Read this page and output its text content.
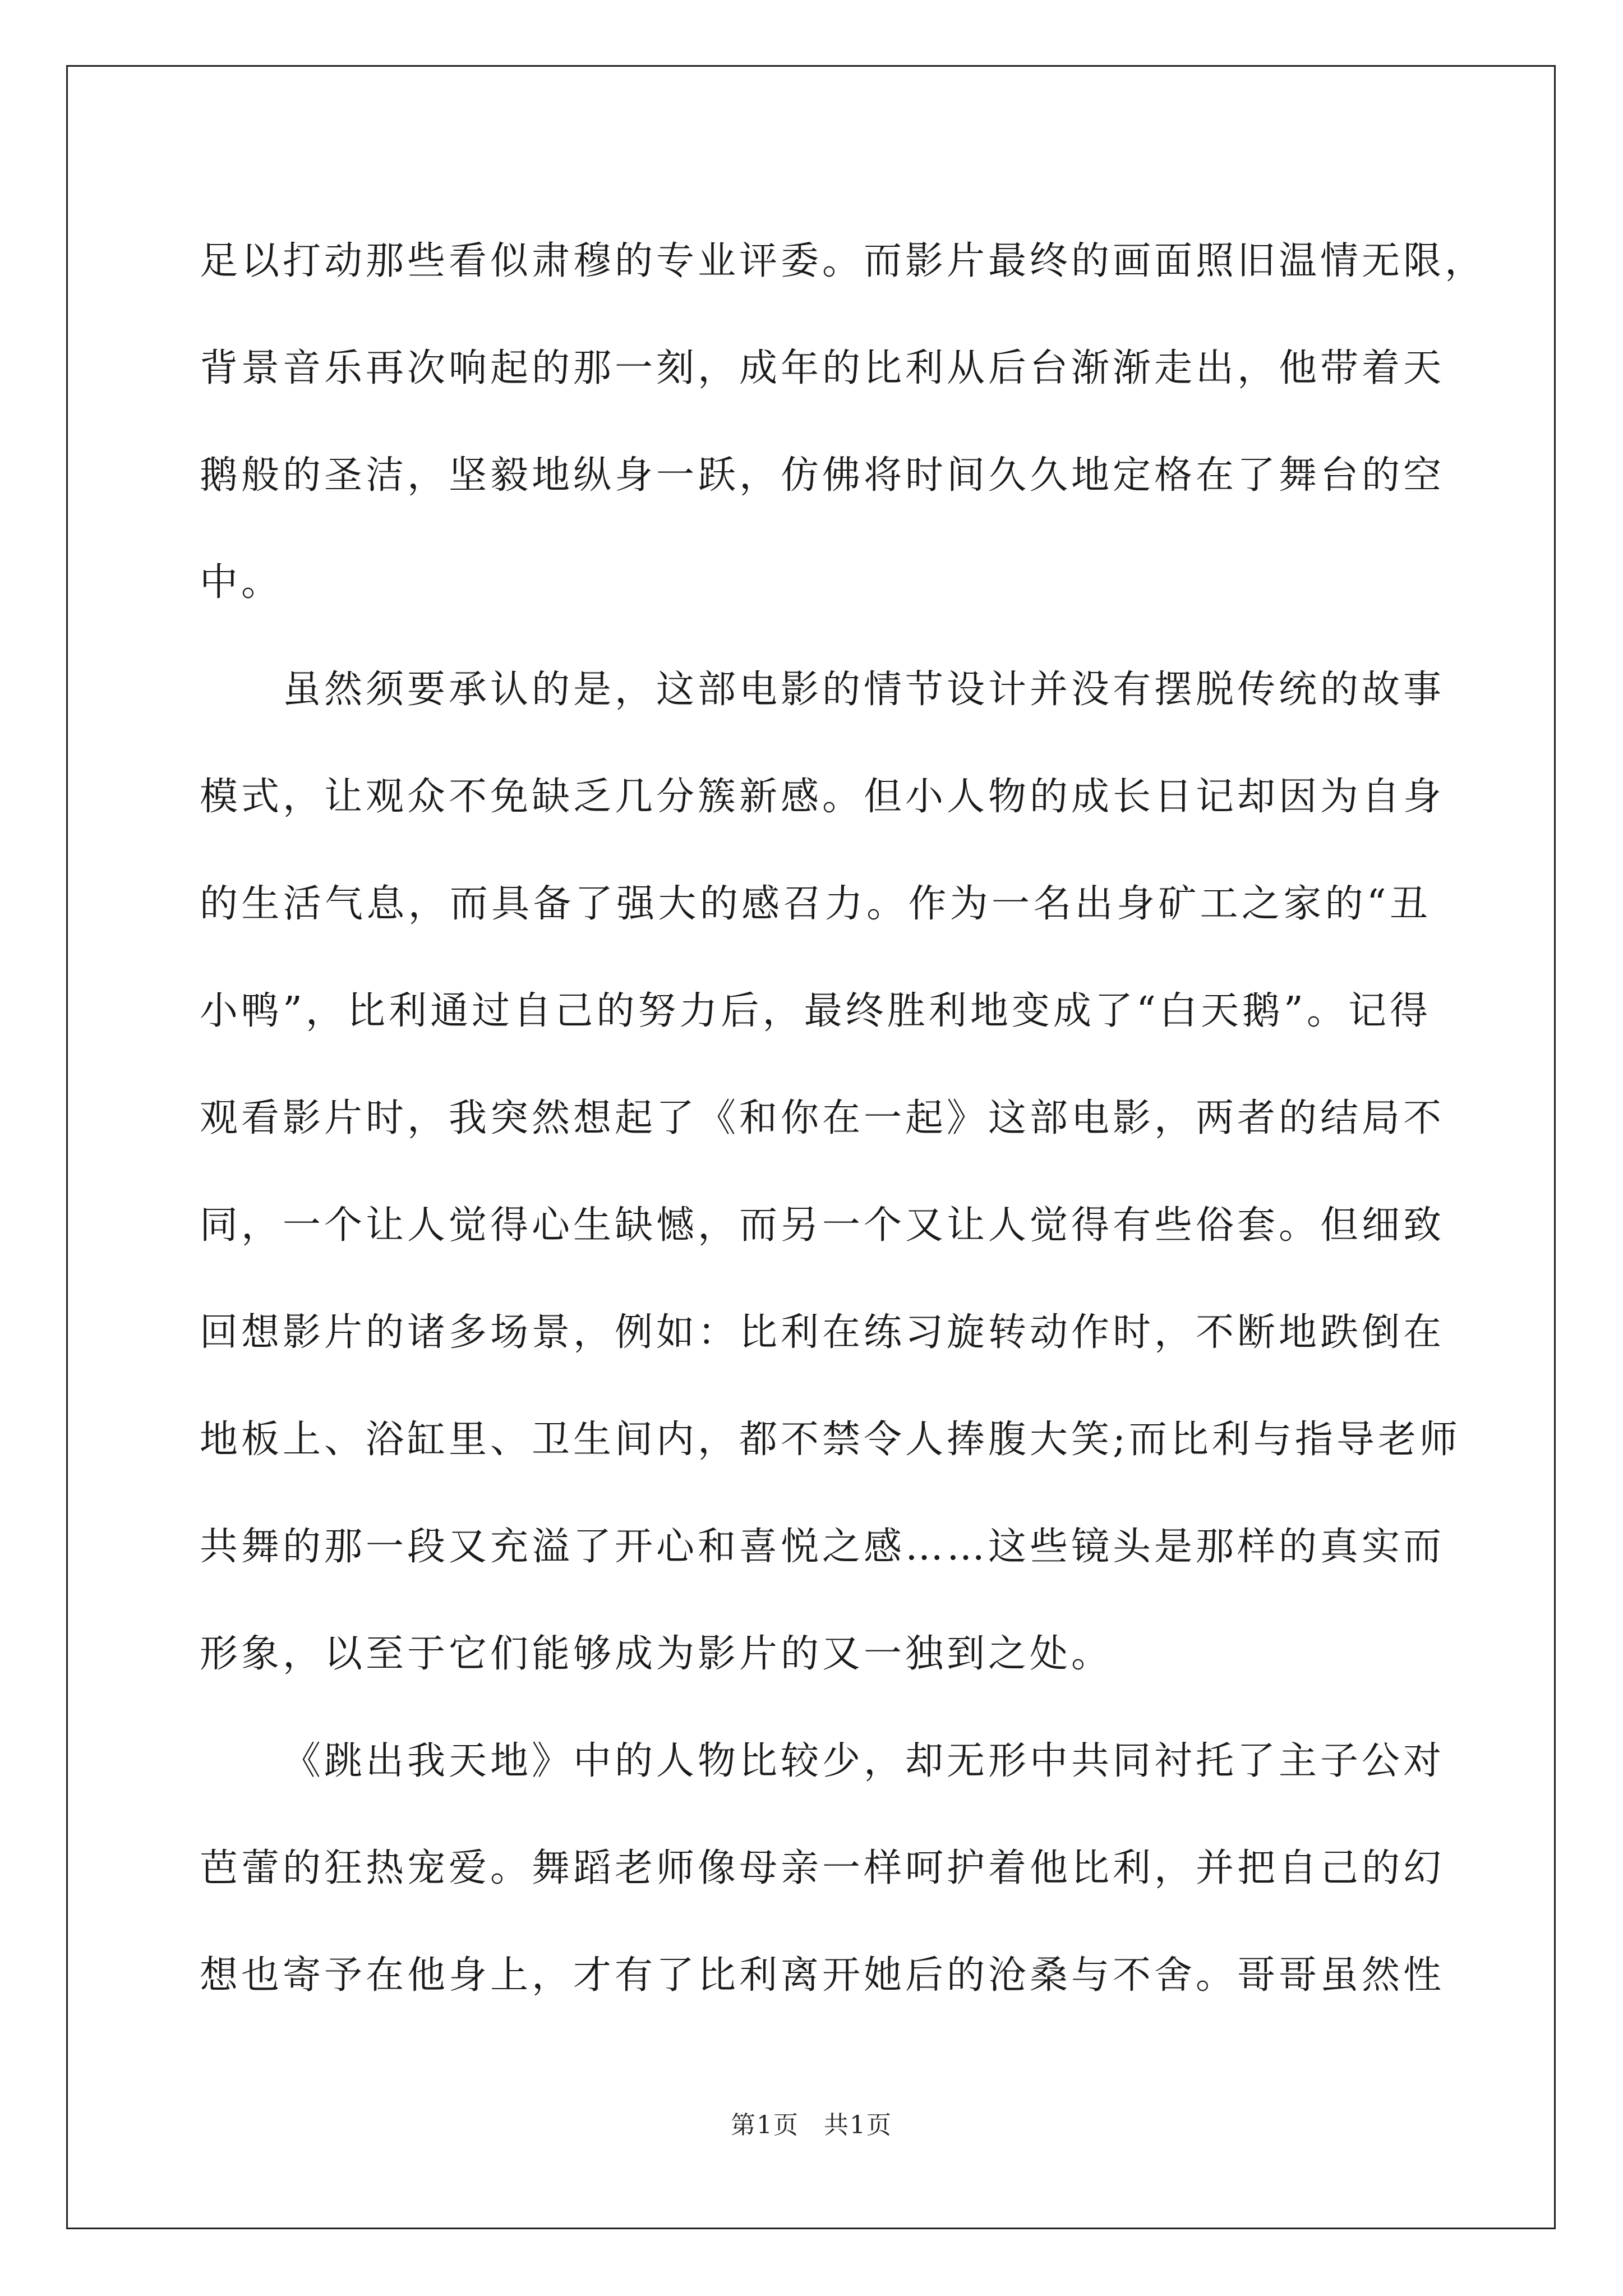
足以打动那些看似肃穆的专业评委。而影片最终的画面照旧温情无限，
背景音乐再次响起的那一刻，成年的比利从后台渐渐走出，他带着天
鹅般的圣洁，坚毅地纵身一跃，仿佛将时间久久地定格在了舞台的空
中。

虽然须要承认的是，这部电影的情节设计并没有摆脱传统的故事
模式，让观众不免缺乏几分簇新感。但小人物的成长日记却因为自身
的生活气息，而具备了强大的感召力。作为一名出身矿工之家的“丑
小鸭”，比利通过自己的努力后，最终胜利地变成了“白天鹅”。记得
观看影片时，我突然想起了《和你在一起》这部电影，两者的结局不
同，一个让人觉得心生缺憾，而另一个又让人觉得有些俗套。但细致
回想影片的诸多场景，例如：比利在练习旋转动作时，不断地跌倒在
地板上、浴缸里、卫生间内，都不禁令人捧腹大笑;而比利与指导老师
共舞的那一段又充溢了开心和喜悦之感……这些镜头是那样的真实而
形象，以至于它们能够成为影片的又一独到之处。

《跳出我天地》中的人物比较少，却无形中共同衬托了主子公对
芭蕾的狂热宠爱。舞蹈老师像母亲一样呵护着他比利，并把自己的幻
想也寄予在他身上，才有了比利离开她后的沧桑与不舍。哥哥虽然性

第1页 共1页
